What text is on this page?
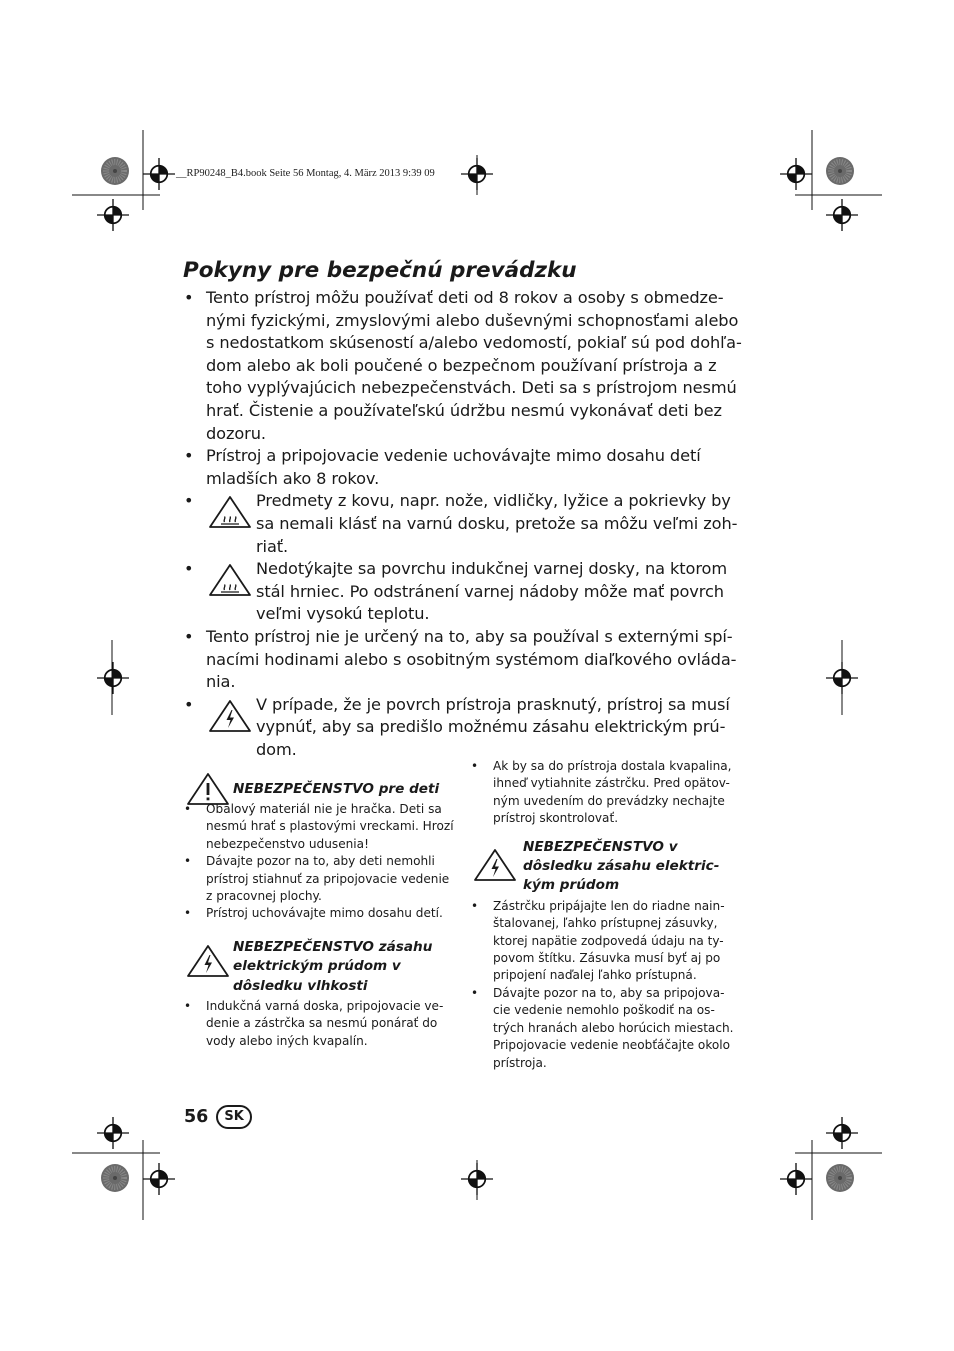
__RP90248_B4.book Seite 56 Montag, 4. März 2013 9:39 09
Pokyny pre bezpečnú prevádzku
• Tento prístroj môžu používať deti od 8 rokov a osoby s obmedze-
nými fyzickými, zmyslovými alebo duševnými schopnosťami alebo
s nedostatkom skúseností a/alebo vedomostí, pokiaľ sú pod dohľa-
dom alebo ak boli poučené o bezpečnom používaní prístroja a z
toho vyplývajúcich nebezpečenstvách. Deti sa s prístrojom nesmú
hrať. Čistenie a používateľskú údržbu nesmú vykonávať deti bez
dozoru.
• Prístroj a pripojovacie vedenie uchovávajte mimo dosahu detí
mladších ako 8 rokov.
•	Predmety z kovu, napr. nože, vidličky, lyžice a pokrievky by
sa nemali klásť na varnú dosku, pretože sa môžu veľmi zoh-
riať.
•	Nedotýkajte sa povrchu indukčnej varnej dosky, na ktorom
stál hrniec. Po odstránení varnej nádoby môže mať povrch
veľmi vysokú teplotu.
• Tento prístroj nie je určený na to, aby sa používal s externými spí-
nacími hodinami alebo s osobitným systémom diaľkového ovláda-
nia.
•	V prípade, že je povrch prístroja prasknutý, prístroj sa musí
vypnúť, aby sa predišlo možnému zásahu elektrickým prú-
dom.
NEBEZPEČENSTVO pre deti
• Obalový materiál nie je hračka. Deti sa
nesmú hrať s plastovými vreckami. Hrozí
nebezpečenstvo udusenia!
• Dávajte pozor na to, aby deti nemohli
prístroj stiahnuť za pripojovacie vedenie
z pracovnej plochy.
• Prístroj uchovávajte mimo dosahu detí.
NEBEZPEČENSTVO zásahu
elektrickým prúdom v
dôsledku vlhkosti
• Indukčná varná doska, pripojovacie ve-
denie a zástrčka sa nesmú ponárať do
vody alebo iných kvapalín.
• Ak by sa do prístroja dostala kvapalina,
ihneď vytiahnite zástrčku. Pred opätov-
ným uvedením do prevádzky nechajte
prístroj skontrolovať.
NEBEZPEČENSTVO v
dôsledku zásahu elektric-
kým prúdom
• Zástrčku pripájajte len do riadne nain-
štalovanej, ľahko prístupnej zásuvky,
ktorej napätie zodpovedá údaju na ty-
povom štítku. Zásuvka musí byť aj po
pripojení naďalej ľahko prístupná.
• Dávajte pozor na to, aby sa pripojova-
cie vedenie nemohlo poškodiť na os-
trých hranách alebo horúcich miestach.
Pripojovacie vedenie neobťáčajte okolo
prístroja.
56	SK
